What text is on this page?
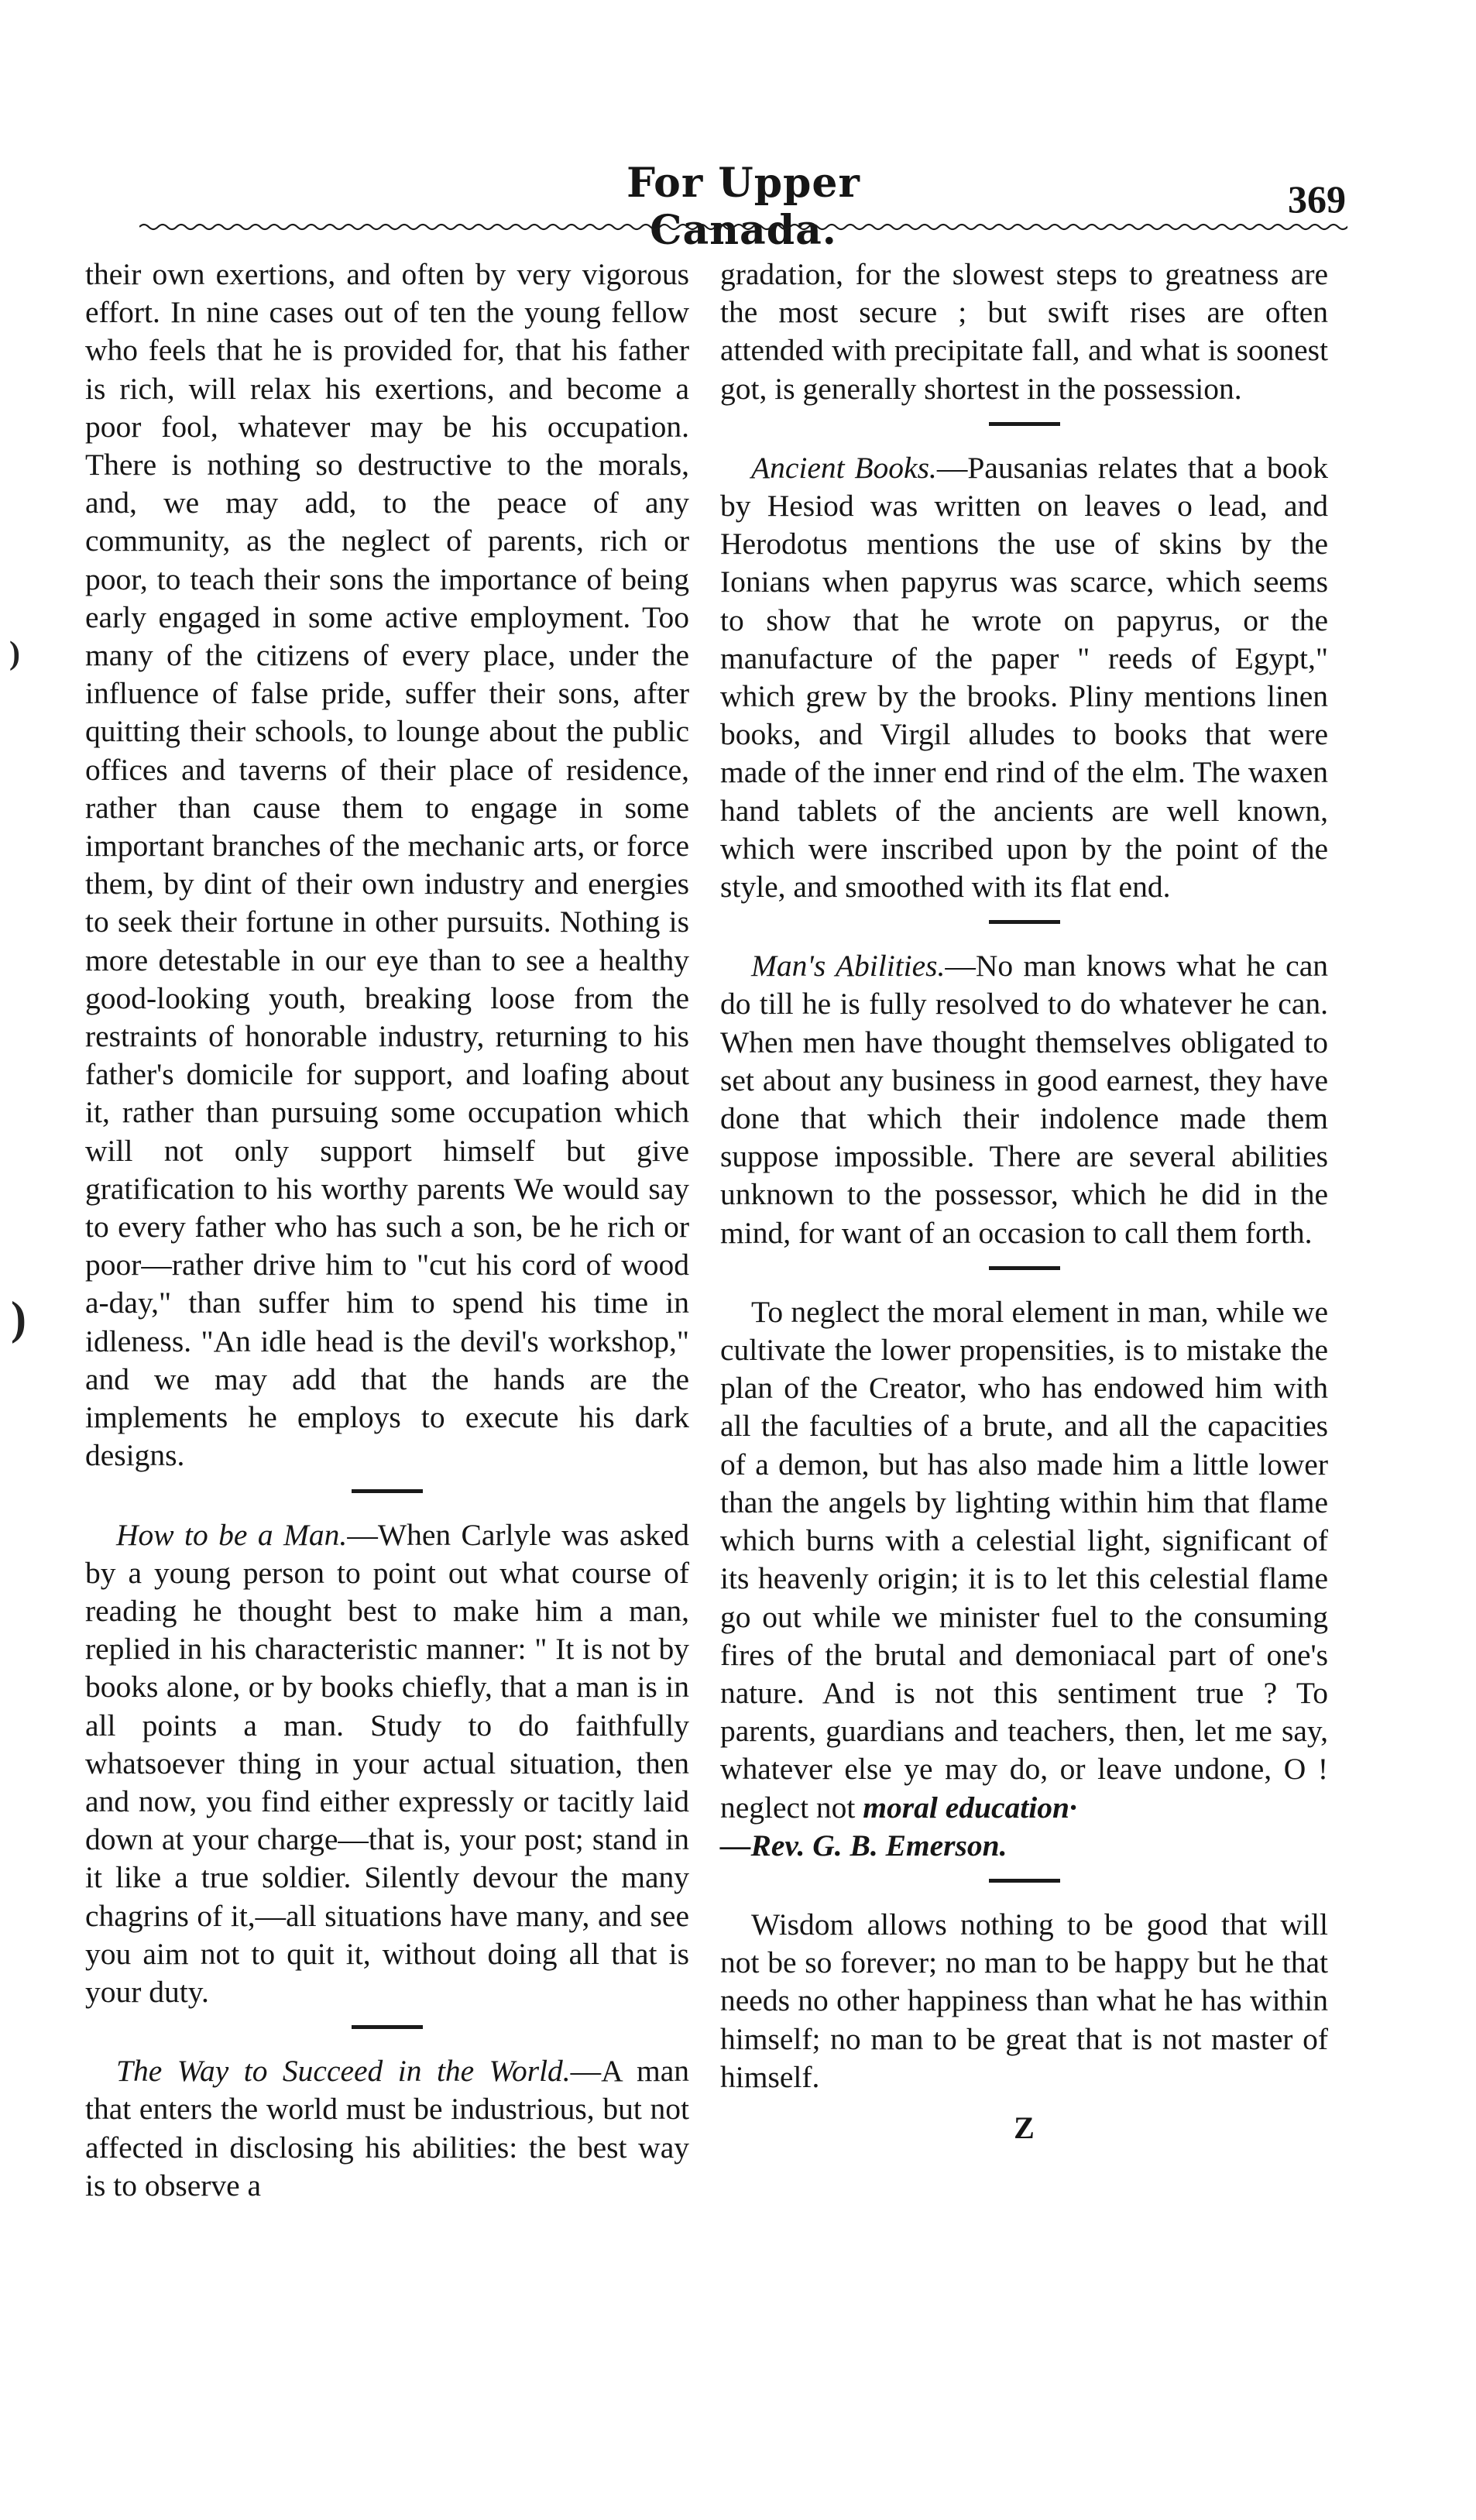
For Upper Canada.
369
)
)

their own exertions, and often by very vigorous effort. In nine cases out of ten the young fellow who feels that he is provided for, that his father is rich, will relax his exertions, and become a poor fool, whatever may be his occupation. There is nothing so destructive to the morals, and, we may add, to the peace of any community, as the neglect of parents, rich or poor, to teach their sons the importance of being early engaged in some active employment. Too many of the citizens of every place, under the influence of false pride, suffer their sons, after quitting their schools, to lounge about the public offices and taverns of their place of residence, rather than cause them to engage in some important branches of the mechanic arts, or force them, by dint of their own industry and energies to seek their fortune in other pursuits. Nothing is more detestable in our eye than to see a healthy good-looking youth, breaking loose from the restraints of honorable industry, returning to his father's domicile for support, and loafing about it, rather than pursuing some occupation which will not only support himself but give gratification to his worthy parents We would say to every father who has such a son, be he rich or poor—rather drive him to "cut his cord of wood a-day," than suffer him to spend his time in idleness. "An idle head is the devil's workshop," and we may add that the hands are the implements he employs to execute his dark designs.

How to be a Man.—When Carlyle was asked by a young person to point out what course of reading he thought best to make him a man, replied in his characteristic manner: " It is not by books alone, or by books chiefly, that a man is in all points a man. Study to do faithfully whatsoever thing in your actual situation, then and now, you find either expressly or tacitly laid down at your charge—that is, your post; stand in it like a true soldier. Silently devour the many chagrins of it,—all situations have many, and see you aim not to quit it, without doing all that is your duty.

The Way to Succeed in the World.—A man that enters the world must be industrious, but not affected in disclosing his abilities: the best way is to observe a

gradation, for the slowest steps to greatness are the most secure ; but swift rises are often attended with precipitate fall, and what is soonest got, is generally shortest in the possession.

Ancient Books.—Pausanias relates that a book by Hesiod was written on leaves o lead, and Herodotus mentions the use of skins by the Ionians when papyrus was scarce, which seems to show that he wrote on papyrus, or the manufacture of the paper " reeds of Egypt," which grew by the brooks. Pliny mentions linen books, and Virgil alludes to books that were made of the inner end rind of the elm. The waxen hand tablets of the ancients are well known, which were inscribed upon by the point of the style, and smoothed with its flat end.

Man's Abilities.—No man knows what he can do till he is fully resolved to do whatever he can. When men have thought themselves obligated to set about any business in good earnest, they have done that which their indolence made them suppose impossible. There are several abilities unknown to the possessor, which he did in the mind, for want of an occasion to call them forth.

To neglect the moral element in man, while we cultivate the lower propensities, is to mistake the plan of the Creator, who has endowed him with all the faculties of a brute, and all the capacities of a demon, but has also made him a little lower than the angels by lighting within him that flame which burns with a celestial light, significant of its heavenly origin; it is to let this celestial flame go out while we minister fuel to the consuming fires of the brutal and demoniacal part of one's nature. And is not this sentiment true ? To parents, guardians and teachers, then, let me say, whatever else ye may do, or leave undone, O ! neglect not moral education·
—Rev. G. B. Emerson.

Wisdom allows nothing to be good that will not be so forever; no man to be happy but he that needs no other happiness than what he has within himself; no man to be great that is not master of himself.

Z
